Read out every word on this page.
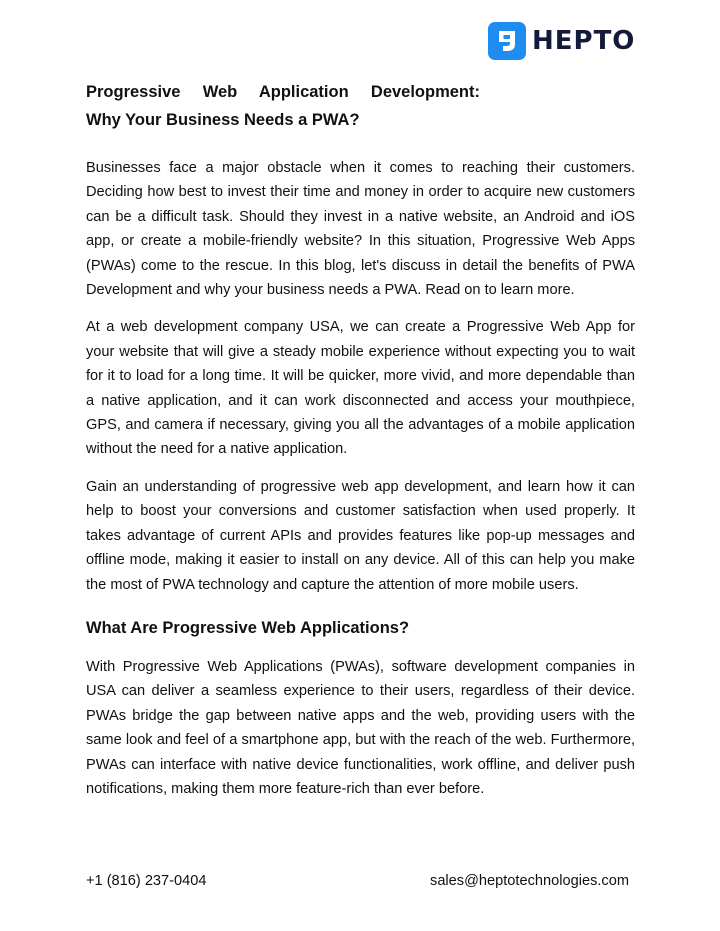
HEPTO
Progressive Web Application Development:
Why Your Business Needs a PWA?

Businesses face a major obstacle when it comes to reaching their customers. Deciding how best to invest their time and money in order to acquire new customers can be a difficult task. Should they invest in a native website, an Android and iOS app, or create a mobile-friendly website? In this situation, Progressive Web Apps (PWAs) come to the rescue. In this blog, let's discuss in detail the benefits of PWA Development and why your business needs a PWA. Read on to learn more.

At a web development company USA, we can create a Progressive Web App for your website that will give a steady mobile experience without expecting you to wait for it to load for a long time. It will be quicker, more vivid, and more dependable than a native application, and it can work disconnected and access your mouthpiece, GPS, and camera if necessary, giving you all the advantages of a mobile application without the need for a native application.

Gain an understanding of progressive web app development, and learn how it can help to boost your conversions and customer satisfaction when used properly. It takes advantage of current APIs and provides features like pop-up messages and offline mode, making it easier to install on any device. All of this can help you make the most of PWA technology and capture the attention of more mobile users.

What Are Progressive Web Applications?

With Progressive Web Applications (PWAs), software development companies in USA can deliver a seamless experience to their users, regardless of their device. PWAs bridge the gap between native apps and the web, providing users with the same look and feel of a smartphone app, but with the reach of the web. Furthermore, PWAs can interface with native device functionalities, work offline, and deliver push notifications, making them more feature-rich than ever before.

+1 (816) 237-0404	sales@heptotechnologies.com
